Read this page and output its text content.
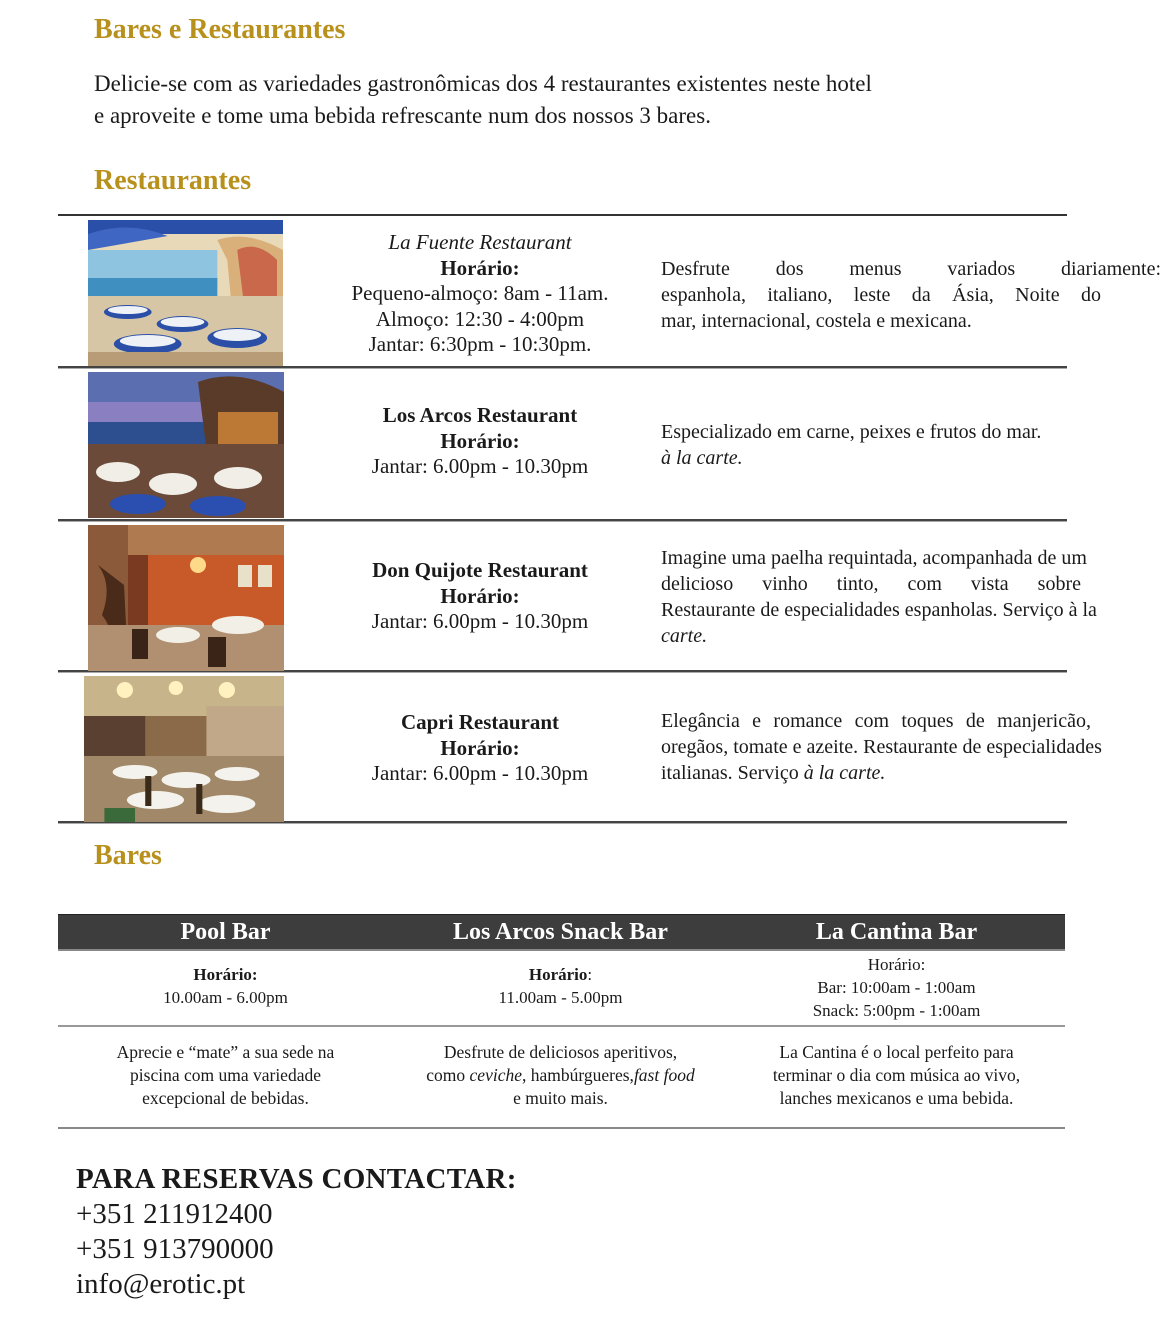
Bares e Restaurantes

Delicie-se com as variedades gastronômicas dos 4 restaurantes existentes neste hotel
e aproveite e tome uma bebida refrescante num dos nossos 3 bares.

Restaurantes
La Fuente Restaurant
Horário:
Pequeno-almoço: 8am - 11am.
Almoço: 12:30 - 4:00pm
Jantar: 6:30pm - 10:30pm.
Desfrute dos menus variados diariamente:
espanhola, italiano, leste da Ásia, Noite do
mar, internacional, costela e mexicana.
Los Arcos Restaurant
Horário:
Jantar: 6.00pm - 10.30pm
Especializado em carne, peixes e frutos do mar.
à la carte.
Don Quijote Restaurant
Horário:
Jantar: 6.00pm - 10.30pm
Imagine uma paelha requintada, acompanhada de um
delicioso vinho tinto, com vista sobre
Restaurante de especialidades espanholas. Serviço à la
carte.
Capri Restaurant
Horário:
Jantar: 6.00pm - 10.30pm
Elegância e romance com toques de manjericão,
oregãos, tomate e azeite. Restaurante de especialidades
italianas. Serviço à la carte.
Bares
Pool Bar	Los Arcos Snack Bar	La Cantina Bar
Horário:
10.00am - 6.00pm
Horário:
11.00am - 5.00pm
Horário:
Bar: 10:00am - 1:00am
Snack: 5:00pm - 1:00am
Aprecie e “mate” a sua sede na
piscina com uma variedade
excepcional de bebidas.
Desfrute de deliciosos aperitivos,
como ceviche, hambúrgueres,fast food
e muito mais.
La Cantina é o local perfeito para
terminar o dia com música ao vivo,
lanches mexicanos e uma bebida.
PARA RESERVAS CONTACTAR:
+351 211912400
+351 913790000
info@erotic.pt
